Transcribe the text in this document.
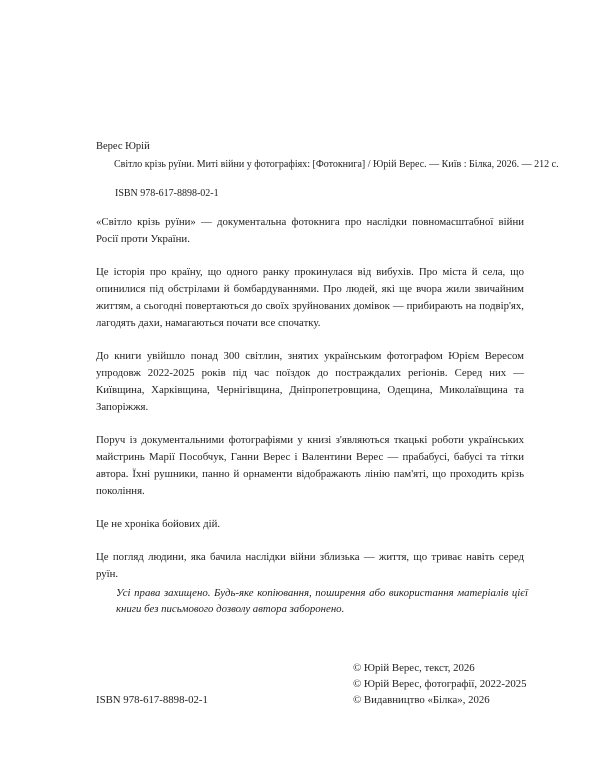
Верес Юрій
Світло крізь руїни. Миті війни у фотографіях: [Фотокнига] / Юрій Верес. — Київ : Білка, 2026. — 212 с.
ISBN 978-617-8898-02-1

«Світло крізь руїни» — документальна фотокнига про наслідки повномасштабної війни Росії проти України.

Це історія про країну, що одного ранку прокинулася від вибухів. Про міста й села, що опинилися під обстрілами й бомбардуваннями. Про людей, які ще вчора жили звичайним життям, а сьогодні повертаються до своїх зруйнованих домівок — прибирають на подвір'ях, лагодять дахи, намагаються почати все спочатку.

До книги увійшло понад 300 світлин, знятих українським фотографом Юрієм Вересом упродовж 2022-2025 років під час поїздок до постраждалих регіонів. Серед них — Київщина, Харківщина, Чернігівщина, Дніпропетровщина, Одещина, Миколаївщина та Запоріжжя.

Поруч із документальними фотографіями у книзі з'являються ткацькі роботи українських майстринь Марії Пособчук, Ганни Верес і Валентини Верес — прабабусі, бабусі та тітки автора. Їхні рушники, панно й орнаменти відображають лінію пам'яті, що проходить крізь покоління.

Це не хроніка бойових дій.

Це погляд людини, яка бачила наслідки війни зблизька — життя, що триває навіть серед руїн.

Усі права захищено. Будь-яке копіювання, поширення або використання матеріалів цієї книги без письмового дозволу автора заборонено.
ISBN 978-617-8898-02-1
© Юрій Верес, текст, 2026
© Юрій Верес, фотографії, 2022-2025
© Видавництво «Білка», 2026
